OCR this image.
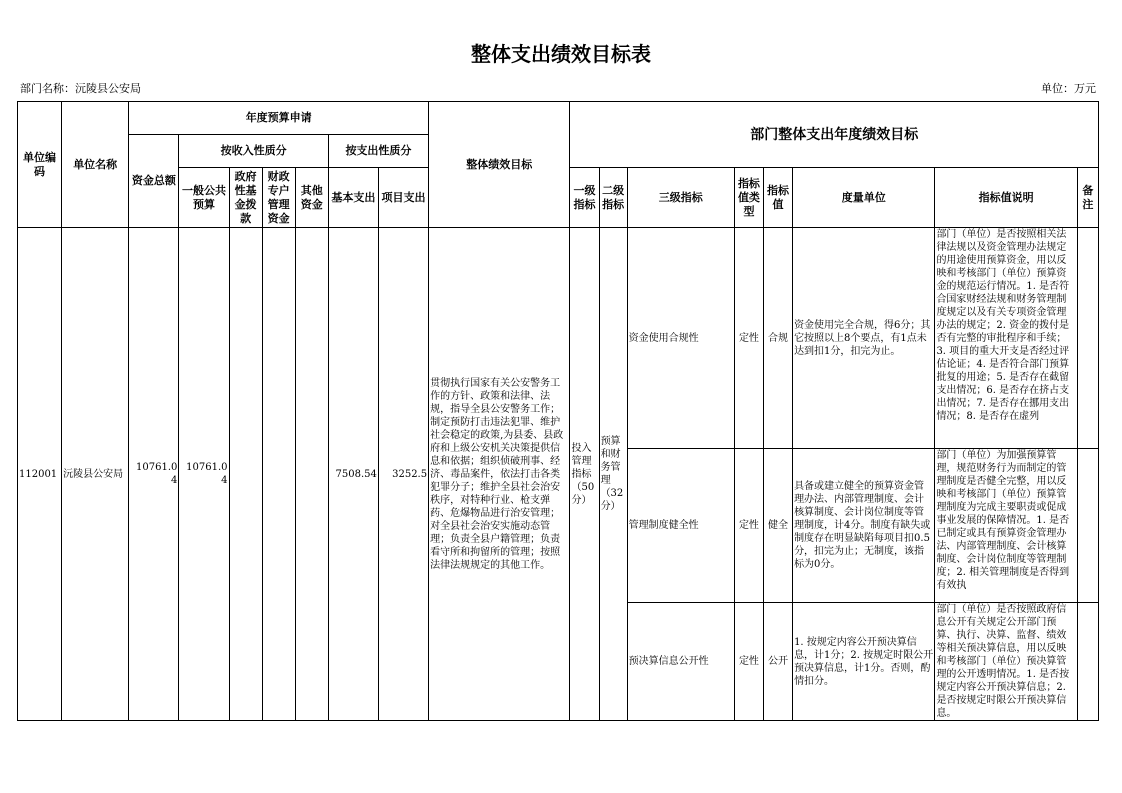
整体支出绩效目标表
部门名称：沅陵县公安局	单位：万元
单位编码	单位名称	年度预算申请							整体绩效目标	部门整体支出年度绩效目标							
		资金总额	按收入性质分				按支出性质分										
			一般公共预算	政府性基金拨款	财政专户管理资金	其他资金	基本支出	项目支出		一级指标	二级指标	三级指标	指标值类型	指标值	度量单位	指标值说明	备注
112001	沅陵县公安局	10761.04	10761.04				7508.54	3252.5	贯彻执行国家有关公安警务工作的方针、政策和法律、法规，指导全县公安警务工作；制定预防打击违法犯罪、维护社会稳定的政策,为县委、县政府和上级公安机关决策提供信息和依据；组织侦破刑事、经济、毒品案件，依法打击各类犯罪分子；维护全县社会治安秩序，对特种行业、枪支弹药、危爆物品进行治安管理；对全县社会治安实施动态管理；负责全县户籍管理；负责看守所和拘留所的管理；按照法律法规规定的其他工作。	投入管理指标（50分）	预算和财务管理（32分）	资金使用合规性	定性	合规	资金使用完全合规，得6分；其它按照以上8个要点，有1点未达到扣1分，扣完为止。	部门（单位）是否按照相关法律法规以及资金管理办法规定的用途使用预算资金，用以反映和考核部门（单位）预算资金的规范运行情况。1. 是否符合国家财经法规和财务管理制度规定以及有关专项资金管理办法的规定；2. 资金的拨付是否有完整的审批程序和手续；3. 项目的重大开支是否经过评估论证；4. 是否符合部门预算批复的用途；5. 是否存在截留支出情况；6. 是否存在挤占支出情况；7. 是否存在挪用支出情况；8. 是否存在虚列	

												管理制度健全性	定性	健全	具备或建立健全的预算资金管理办法、内部管理制度、会计核算制度、会计岗位制度等管理制度，计4分。制度有缺失或制度存在明显缺陷每项目扣0.5分，扣完为止；无制度，该指标为0分。	部门（单位）为加强预算管理，规范财务行为而制定的管理制度是否健全完整，用以反映和考核部门（单位）预算管理制度为完成主要职责或促成事业发展的保障情况。1. 是否已制定或具有预算资金管理办法、内部管理制度、会计核算制度、会计岗位制度等管理制度；2. 相关管理制度是否得到有效执	

												预决算信息公开性	定性	公开	1. 按规定内容公开预决算信息，计1分；2. 按规定时限公开预决算信息，计1分。否则，酌情扣分。	部门（单位）是否按照政府信息公开有关规定公开部门预算、执行、决算、监督、绩效等相关预决算信息，用以反映和考核部门（单位）预决算管理的公开透明情况。1. 是否按规定内容公开预决算信息；2. 是否按规定时限公开预决算信息。	
